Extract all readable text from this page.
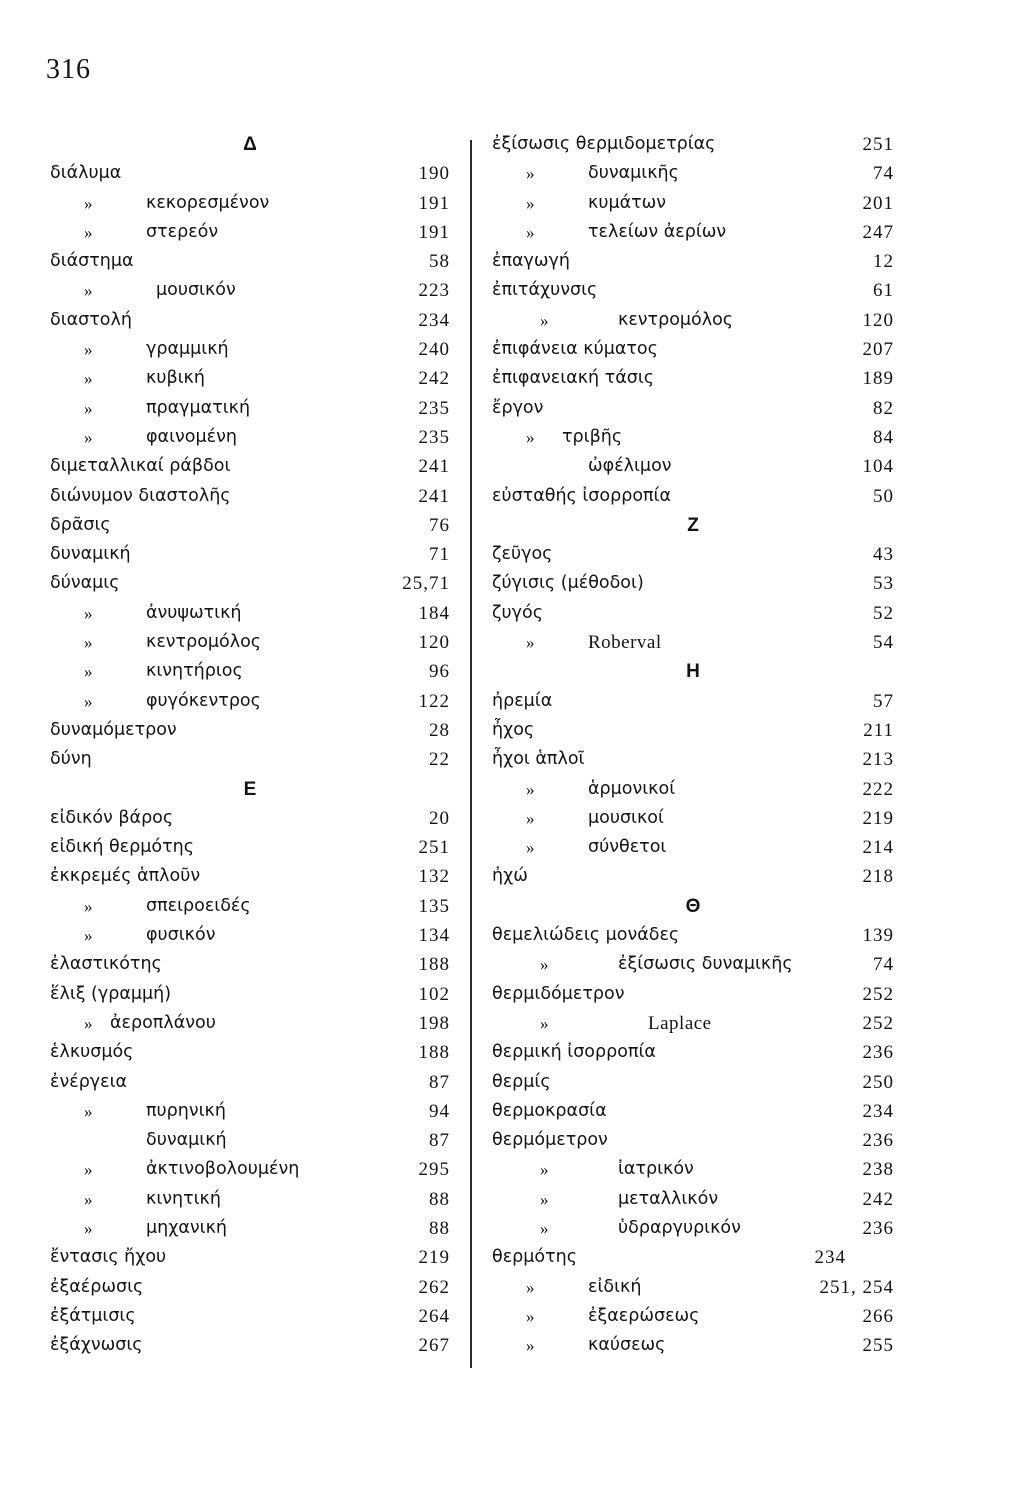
316
Δ
διάλυμα	190
»	κεκορεσμένον	191
»	στερεόν	191
διάστημα	58
»	μουσικόν	223
διαστολή	234
»	γραμμική	240
»	κυβική	242
»	πραγματική	235
»	φαινομένη	235
διμεταλλικαί ράβδοι	241
διώνυμον διαστολῆς	241
δρᾶσις	76
δυναμική	71
δύναμις	25,71
»	ἀνυψωτική	184
»	κεντρομόλος	120
»	κινητήριος	96
»	φυγόκεντρος	122
δυναμόμετρον	28
δύνη	22
E
εἰδικόν βάρος	20
εἰδική θερμότης	251
ἐκκρεμές ἁπλοῦν	132
»	σπειροειδές	135
»	φυσικόν	134
ἐλαστικότης	188
ἕλιξ (γραμμή)	102
» ἀεροπλάνου	198
ἑλκυσμός	188
ἐνέργεια	87
»	πυρηνική	94
δυναμική	87
»	ἀκτινοβολουμένη	295
»	κινητική	88
»	μηχανική	88
ἔντασις ἤχου	219
ἐξαέρωσις	262
ἐξάτμισις	264
ἐξάχνωσις	267
ἐξίσωσις θερμιδομετρίας	251
»	δυναμικῆς	74
»	κυμάτων	201
»	τελείων ἀερίων	247
ἐπαγωγή	12
ἐπιτάχυνσις	61
»	κεντρομόλος	120
ἐπιφάνεια κύματος	207
ἐπιφανειακή τάσις	189
ἔργον	82
» τριβῆς	84
ὠφέλιμον	104
εὐσταθής ἰσορροπία	50
Z
ζεῦγος	43
ζύγισις (μέθοδοι)	53
ζυγός	52
»	Roberval	54
H
ἠρεμία	57
ἦχος	211
ἦχοι ἁπλοῖ	213
»	ἁρμονικοί	222
»	μουσικοί	219
»	σύνθετοι	214
ἠχώ	218
Θ
θεμελιώδεις μονάδες	139
»	ἐξίσωσις δυναμικῆς	74
θερμιδόμετρον	252
»	Laplace	252
θερμική ἰσορροπία	236
θερμίς	250
θερμοκρασία	234
θερμόμετρον	236
»	ἰατρικόν	238
»	μεταλλικόν	242
»	ὑδραργυρικόν	236
θερμότης	234
»	εἰδική	251, 254
»	ἐξαερώσεως	266
»	καύσεως	255
